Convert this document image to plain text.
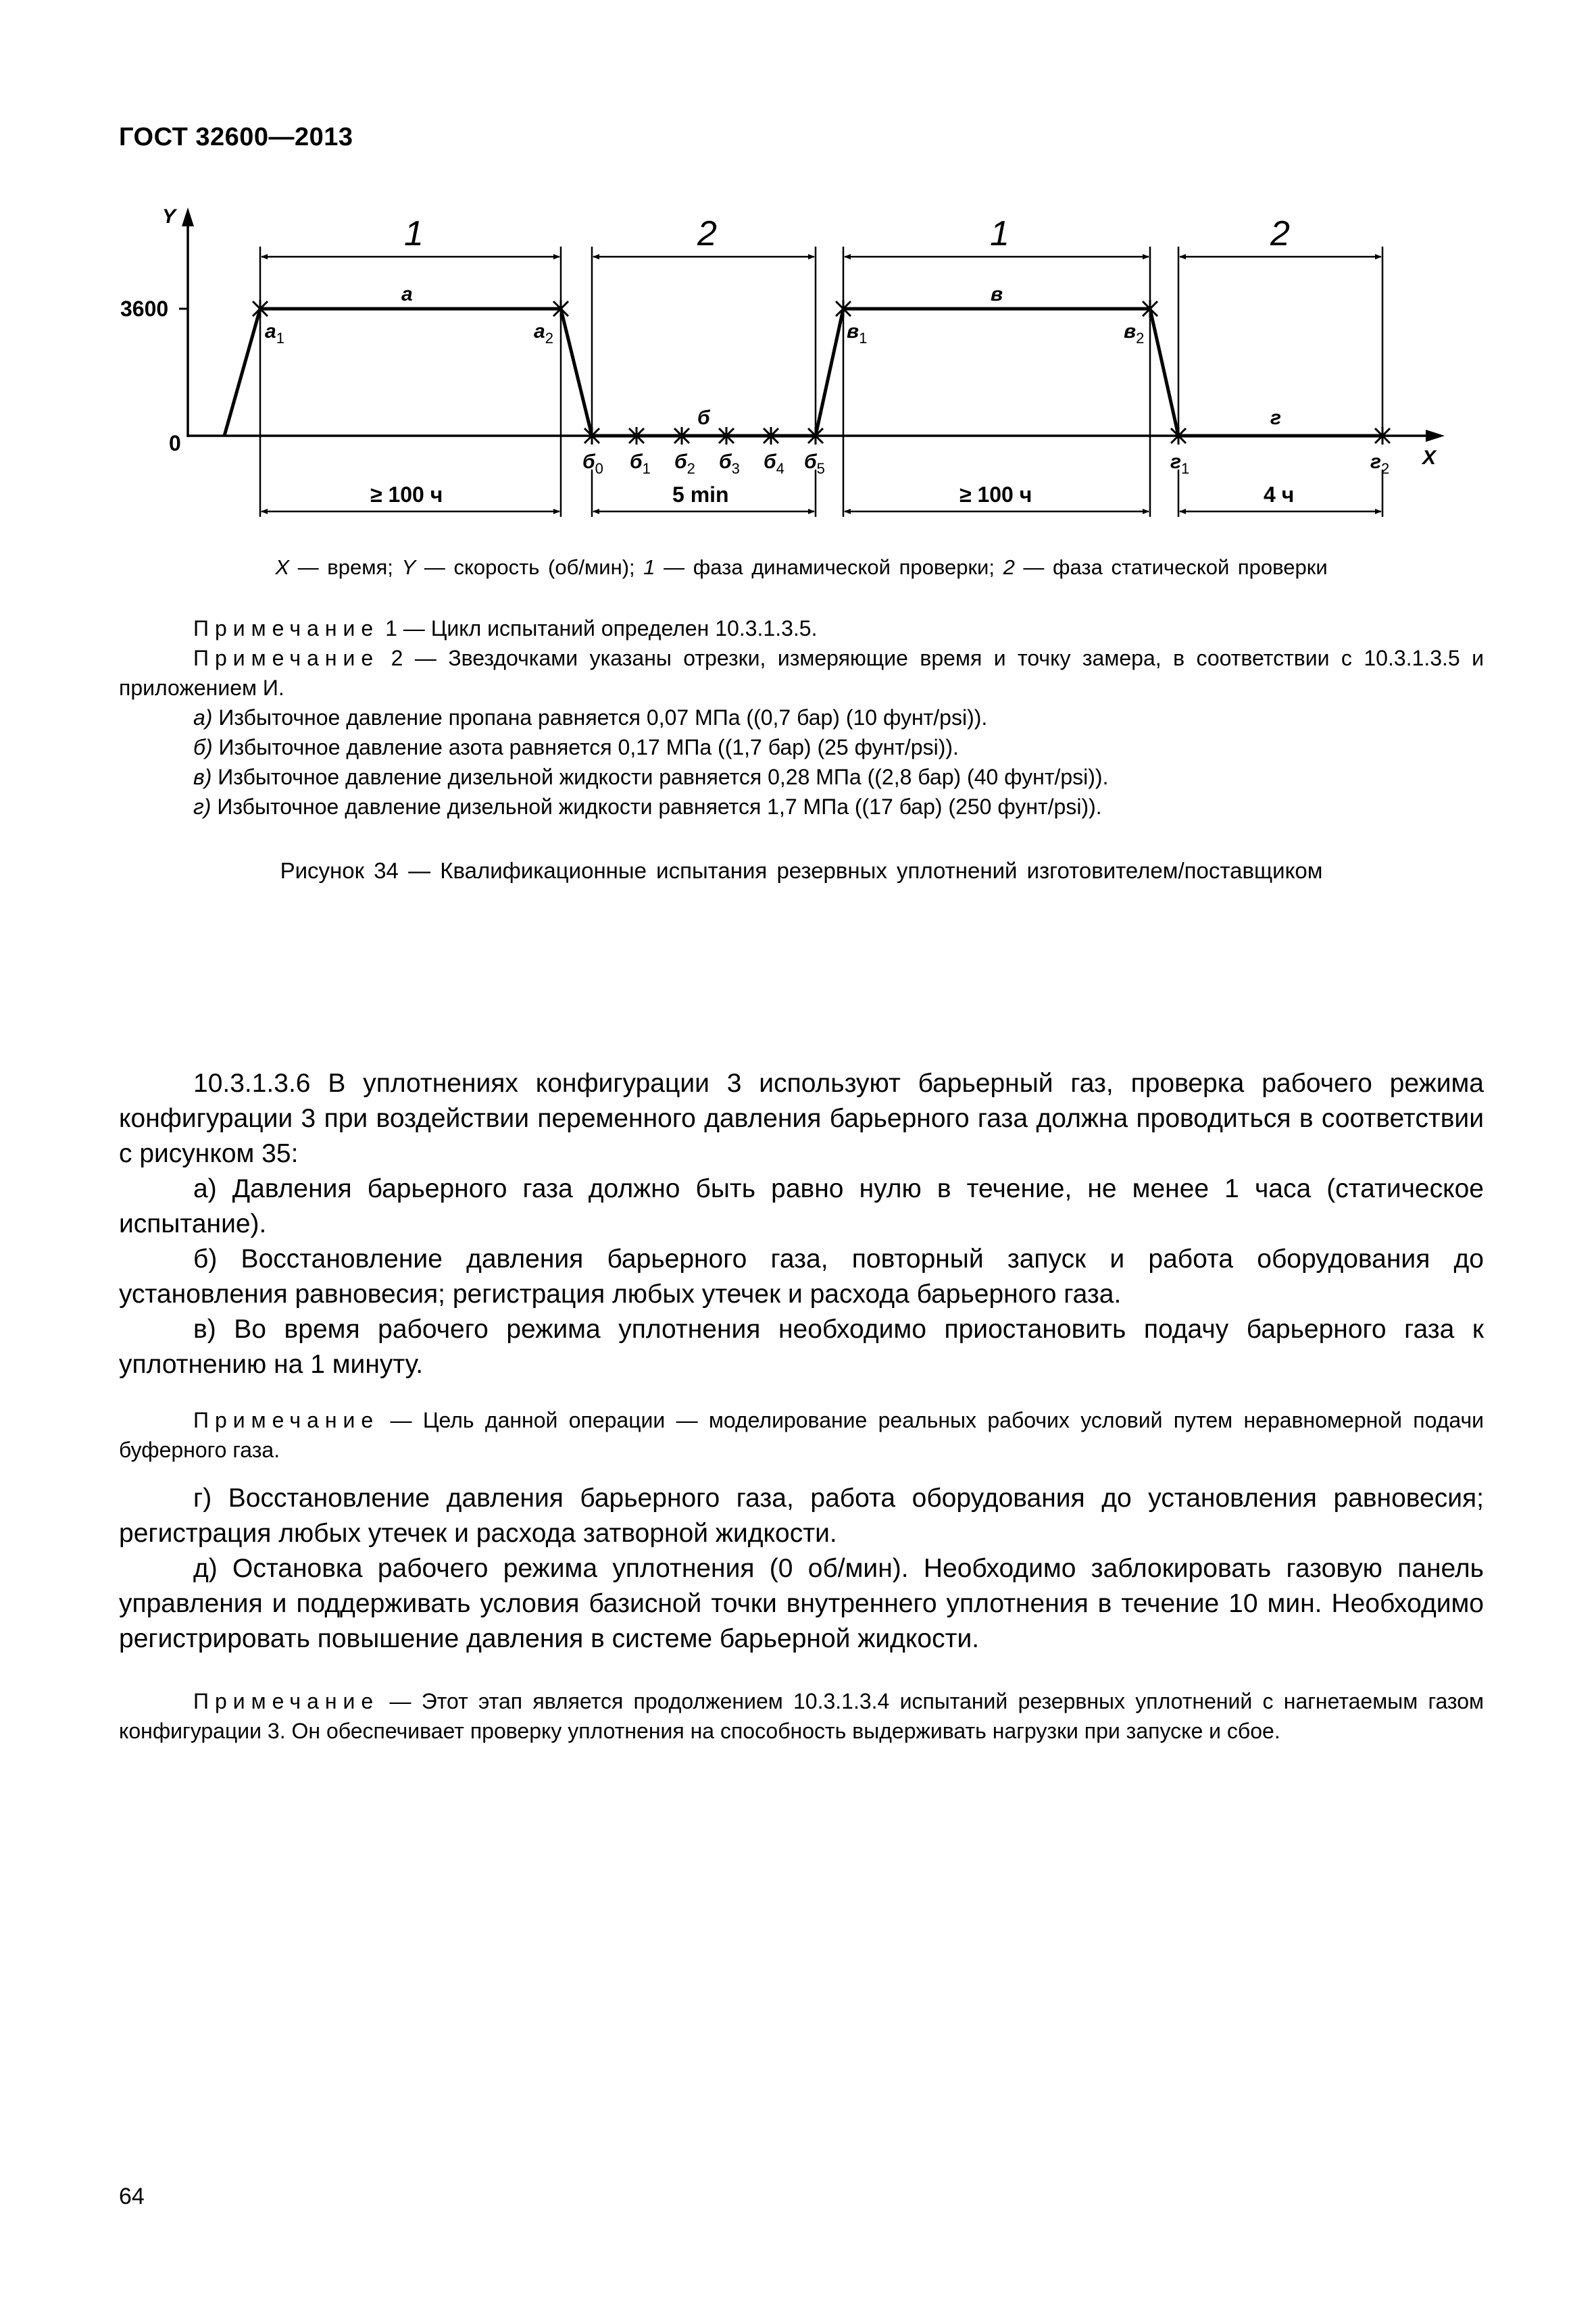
ГОСТ 32600—2013
Y
X
3600
0
1	2	1	2
а
б
в
г
а1	а2
б0 б1 б2 б3 б4 б5
в1	в2
г1	г2
≥ 100 ч	5 min	≥ 100 ч	4 ч
X — время; Y — скорость (об/мин); 1 — фаза динамической проверки; 2 — фаза статической проверки

Примечание 1 — Цикл испытаний определен 10.3.1.3.5.

Примечание 2 — Звездочками указаны отрезки, измеряющие время и точку замера, в соответствии с 10.3.1.3.5 и приложением И.

а) Избыточное давление пропана равняется 0,07 МПа ((0,7 бар) (10 фунт/psi)).

б) Избыточное давление азота равняется 0,17 МПа ((1,7 бар) (25 фунт/psi)).

в) Избыточное давление дизельной жидкости равняется 0,28 МПа ((2,8 бар) (40 фунт/psi)).

г) Избыточное давление дизельной жидкости равняется 1,7 МПа ((17 бар) (250 фунт/psi)).

Рисунок 34 — Квалификационные испытания резервных уплотнений изготовителем/поставщиком

10.3.1.3.6 В уплотнениях конфигурации 3 используют барьерный газ, проверка рабочего режима конфигурации 3 при воздействии переменного давления барьерного газа должна проводиться в соответствии с рисунком 35:

а) Давления барьерного газа должно быть равно нулю в течение, не менее 1 часа (статическое испытание).

б) Восстановление давления барьерного газа, повторный запуск и работа оборудования до установления равновесия; регистрация любых утечек и расхода барьерного газа.

в) Во время рабочего режима уплотнения необходимо приостановить подачу барьерного газа к уплотнению на 1 минуту.

Примечание — Цель данной операции — моделирование реальных рабочих условий путем неравномерной подачи буферного газа.

г) Восстановление давления барьерного газа, работа оборудования до установления равновесия; регистрация любых утечек и расхода затворной жидкости.

д) Остановка рабочего режима уплотнения (0 об/мин). Необходимо заблокировать газовую панель управления и поддерживать условия базисной точки внутреннего уплотнения в течение 10 мин. Необходимо регистрировать повышение давления в системе барьерной жидкости.

Примечание — Этот этап является продолжением 10.3.1.3.4 испытаний резервных уплотнений с нагнетаемым газом конфигурации 3. Он обеспечивает проверку уплотнения на способность выдерживать нагрузки при запуске и сбое.

64
